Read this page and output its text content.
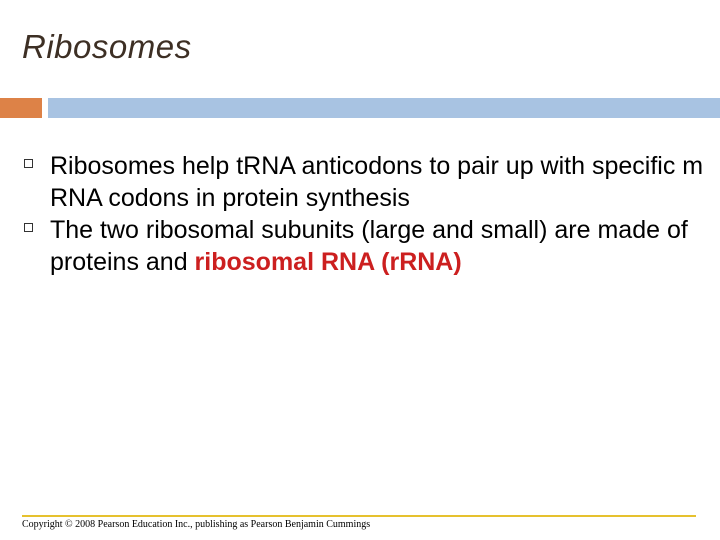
Ribosomes
Ribosomes help t​RNA anticodons to pair up with specific m​RNA codons in protein synthesis
The two ribosomal subunits (large and small) are made of proteins and ribosomal RNA (r​RNA)
Copyright © 2008 Pearson Education Inc., publishing as Pearson Benjamin Cummings
